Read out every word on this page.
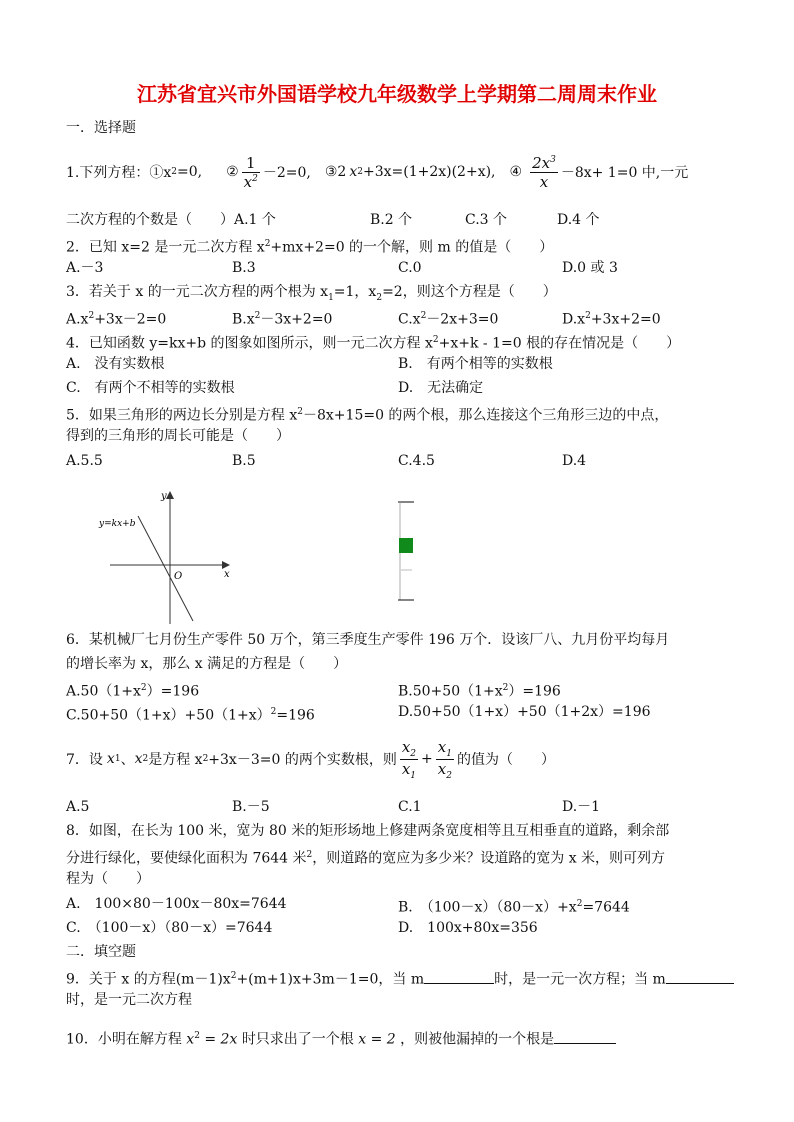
江苏省宜兴市外国语学校九年级数学上学期第二周周末作业
一．选择题
1.下列方程：①x 2 =0, ② $\frac{1}{x^2} -2=0$, ③2 x 2 +3x=(1+2x)(2+x), ④ $\frac{2x^3}{x} -8x+ 1=0$ 中,一元
二次方程的个数是（　　）A.1 个	B.2 个	C.3 个	D.4 个
2．已知 x=2 是一元二次方程 $x^2+mx+2=0$ 的一个解，则 m 的值是（　　）
A.－3	B.3	C.0	D.0 或 3
3．若关于 x 的一元二次方程的两个根为 $x_1=1$，$x_2=2$，则这个方程是（　　）
$A.x^2+3x-2=0$	$B.x^2-3x+2=0$	$C.x^2-2x+3=0$	$D.x^2+3x+2=0$
4．已知函数 y=kx+b 的图象如图所示，则一元二次方程 $x^2+x+k - 1=0$ 根的存在情况是（　　）
A.　没有实数根	B.　有两个相等的实数根
C.　有两个不相等的实数根	D.　无法确定
5．如果三角形的两边长分别是方程 $x^2-8x+15=0$ 的两个根，那么连接这个三角形三边的中点，
得到的三角形的周长可能是（　　）
A.5.5	B.5	C.4.5	D.4
y=kx+b
y
x
O
6．某机械厂七月份生产零件 50 万个，第三季度生产零件 196 万个．设该厂八、九月份平均每月
的增长率为 x，那么 x 满足的方程是（　　）
$A.50(1+x^2)=196$	$B.50+50(1+x^2)=196$
$C.50+50(1+x)+50(1+x)^2=196$	D.50+50（1+x）+50（1+2x）=196
7．设 x 1 、 x 2 是方程 x 2 +3x－3=0 的两个实数根，则 $\frac{x_2}{x_1} + \frac{x_1}{x_2}$ 的值为（　　）
A.5	B.－5	C.1	D.－1
8．如图，在长为 100 米，宽为 80 米的矩形场地上修建两条宽度相等且互相垂直的道路，剩余部
分进行绿化，要使绿化面积为 7644 米$^2$，则道路的宽应为多少米？设道路的宽为 x 米，则可列方
程为（　　）
A.　100×80－100x－80x=7644	B.　$(100-x)(80-x)+x^2=7644$
C.　（100－x）（80－x）=7644	D.　100x+80x=356
二．填空题
9．关于 x 的方程$(m-1)x^2+(m+1)x+3m-1=0$，当 m	时，是一元一次方程；当 m
时，是一元二次方程
10．小明在解方程 $x^2 = 2x$ 时只求出了一个根 x = 2 ，则被他漏掉的一个根是
